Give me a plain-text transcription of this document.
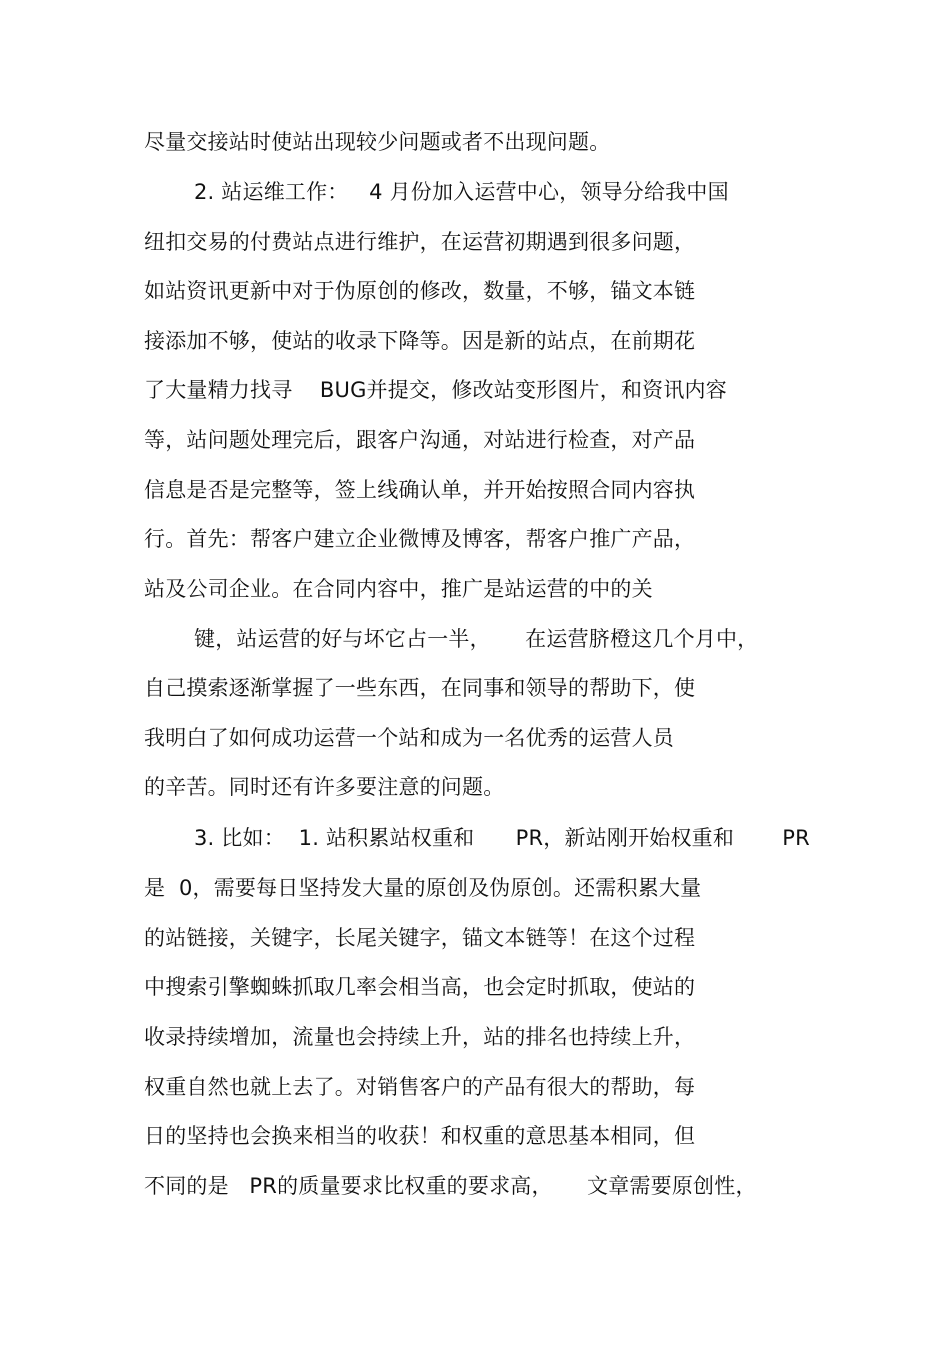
尽量交接站时使站出现较少问题或者不出现问题。
2. 站运维工作：   4 月份加入运营中心，领导分给我中国
纽扣交易的付费站点进行维护，在运营初期遇到很多问题，
如站资讯更新中对于伪原创的修改，数量，不够，锚文本链
接添加不够，使站的收录下降等。因是新的站点，在前期花
了大量精力找寻    BUG并提交，修改站变形图片，和资讯内容
等，站问题处理完后，跟客户沟通，对站进行检查，对产品
信息是否是完整等，签上线确认单，并开始按照合同内容执
行。首先：帮客户建立企业微博及博客，帮客户推广产品，
站及公司企业。在合同内容中，推广是站运营的中的关
键，站运营的好与坏它占一半，     在运营脐橙这几个月中，
自己摸索逐渐掌握了一些东西，在同事和领导的帮助下，使
我明白了如何成功运营一个站和成为一名优秀的运营人员
的辛苦。同时还有许多要注意的问题。
3. 比如：  1. 站积累站权重和      PR，新站刚开始权重和       PR
是  0，需要每日坚持发大量的原创及伪原创。还需积累大量
的站链接，关键字，长尾关键字，锚文本链等！在这个过程
中搜索引擎蜘蛛抓取几率会相当高，也会定时抓取，使站的
收录持续增加，流量也会持续上升，站的排名也持续上升，
权重自然也就上去了。对销售客户的产品有很大的帮助，每
日的坚持也会换来相当的收获！和权重的意思基本相同，但
不同的是   PR的质量要求比权重的要求高，     文章需要原创性，
